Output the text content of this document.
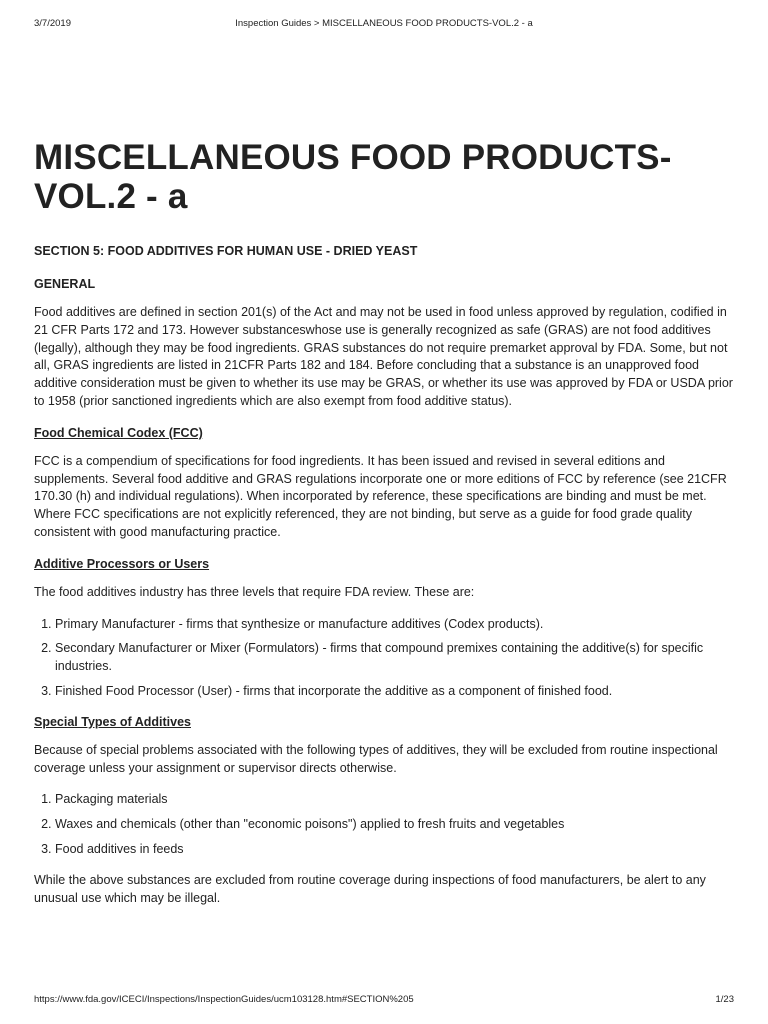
3/7/2019	Inspection Guides > MISCELLANEOUS FOOD PRODUCTS-VOL.2 - a
MISCELLANEOUS FOOD PRODUCTS-VOL.2 - a
SECTION 5: FOOD ADDITIVES FOR HUMAN USE - DRIED YEAST
GENERAL

Food additives are defined in section 201(s) of the Act and may not be used in food unless approved by regulation, codified in 21 CFR Parts 172 and 173. However substanceswhose use is generally recognized as safe (GRAS) are not food additives (legally), although they may be food ingredients. GRAS substances do not require premarket approval by FDA. Some, but not all, GRAS ingredients are listed in 21CFR Parts 182 and 184. Before concluding that a substance is an unapproved food additive consideration must be given to whether its use may be GRAS, or whether its use was approved by FDA or USDA prior to 1958 (prior sanctioned ingredients which are also exempt from food additive status).

Food Chemical Codex (FCC)

FCC is a compendium of specifications for food ingredients. It has been issued and revised in several editions and supplements. Several food additive and GRAS regulations incorporate one or more editions of FCC by reference (see 21CFR 170.30 (h) and individual regulations). When incorporated by reference, these specifications are binding and must be met. Where FCC specifications are not explicitly referenced, they are not binding, but serve as a guide for food grade quality consistent with good manufacturing practice.

Additive Processors or Users

The food additives industry has three levels that require FDA review. These are:

1. Primary Manufacturer - firms that synthesize or manufacture additives (Codex products).
2. Secondary Manufacturer or Mixer (Formulators) - firms that compound premixes containing the additive(s) for specific industries.
3. Finished Food Processor (User) - firms that incorporate the additive as a component of finished food.
Special Types of Additives

Because of special problems associated with the following types of additives, they will be excluded from routine inspectional coverage unless your assignment or supervisor directs otherwise.

1. Packaging materials
2. Waxes and chemicals (other than "economic poisons") applied to fresh fruits and vegetables
3. Food additives in feeds

While the above substances are excluded from routine coverage during inspections of food manufacturers, be alert to any unusual use which may be illegal.

https://www.fda.gov/ICECI/Inspections/InspectionGuides/ucm103128.htm#SECTION%205	1/23
